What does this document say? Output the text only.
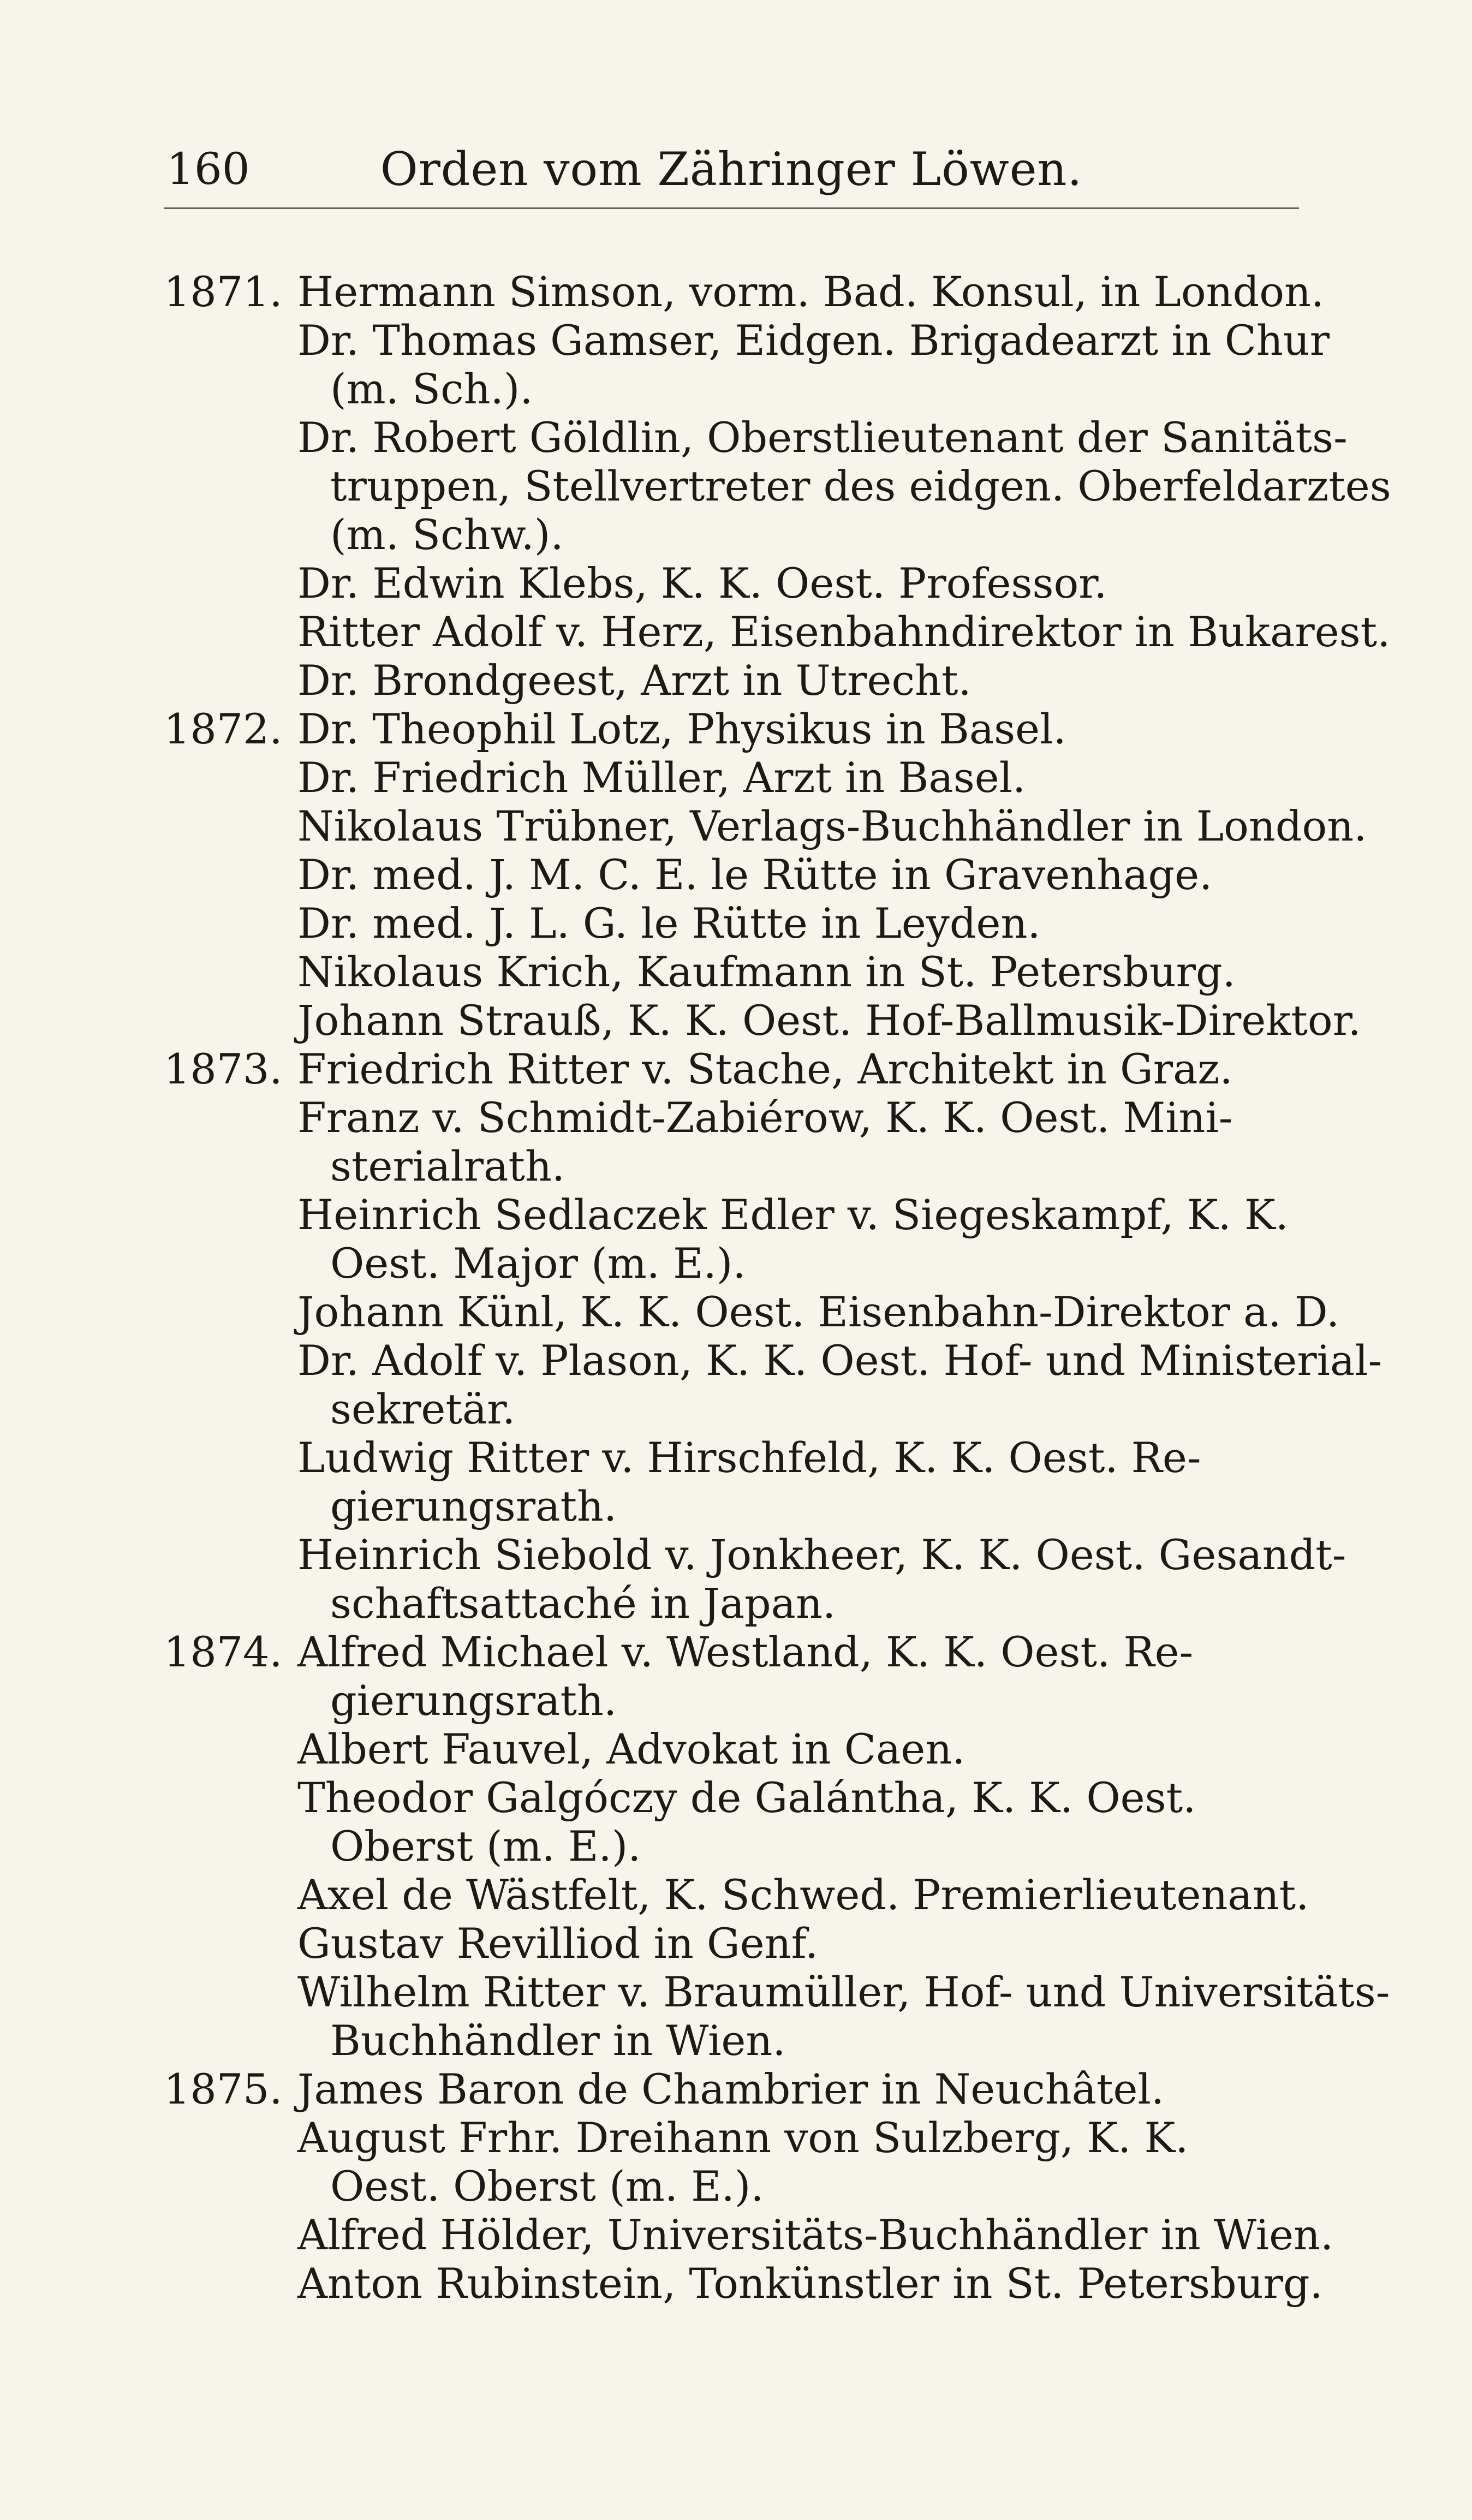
160	Orden vom Zähringer Löwen.
1871. Hermann Simson, vorm. Bad. Konsul, in London.
Dr. Thomas Gamser, Eidgen. Brigadearzt in Chur
(m. Sch.).
Dr. Robert Göldlin, Oberstlieutenant der Sanitäts-
truppen, Stellvertreter des eidgen. Oberfeldarztes
(m. Schw.).
Dr. Edwin Klebs, K. K. Oest. Professor.
Ritter Adolf v. Herz, Eisenbahndirektor in Bukarest.
Dr. Brondgeest, Arzt in Utrecht.
1872. Dr. Theophil Lotz, Physikus in Basel.
Dr. Friedrich Müller, Arzt in Basel.
Nikolaus Trübner, Verlags-Buchhändler in London.
Dr. med. J. M. C. E. le Rütte in Gravenhage.
Dr. med. J. L. G. le Rütte in Leyden.
Nikolaus Krich, Kaufmann in St. Petersburg.
Johann Strauß, K. K. Oest. Hof-Ballmusik-Direktor.
1873. Friedrich Ritter v. Stache, Architekt in Graz.
Franz v. Schmidt-Zabiérow, K. K. Oest. Mini-
sterialrath.
Heinrich Sedlaczek Edler v. Siegeskampf, K. K.
Oest. Major (m. E.).
Johann Künl, K. K. Oest. Eisenbahn-Direktor a. D.
Dr. Adolf v. Plason, K. K. Oest. Hof- und Ministerial-
sekretär.
Ludwig Ritter v. Hirschfeld, K. K. Oest. Re-
gierungsrath.
Heinrich Siebold v. Jonkheer, K. K. Oest. Gesandt-
schaftsattaché in Japan.
1874. Alfred Michael v. Westland, K. K. Oest. Re-
gierungsrath.
Albert Fauvel, Advokat in Caen.
Theodor Galgóczy de Galántha, K. K. Oest.
Oberst (m. E.).
Axel de Wästfelt, K. Schwed. Premierlieutenant.
Gustav Revilliod in Genf.
Wilhelm Ritter v. Braumüller, Hof- und Universitäts-
Buchhändler in Wien.
1875. James Baron de Chambrier in Neuchâtel.
August Frhr. Dreihann von Sulzberg, K. K.
Oest. Oberst (m. E.).
Alfred Hölder, Universitäts-Buchhändler in Wien.
Anton Rubinstein, Tonkünstler in St. Petersburg.
